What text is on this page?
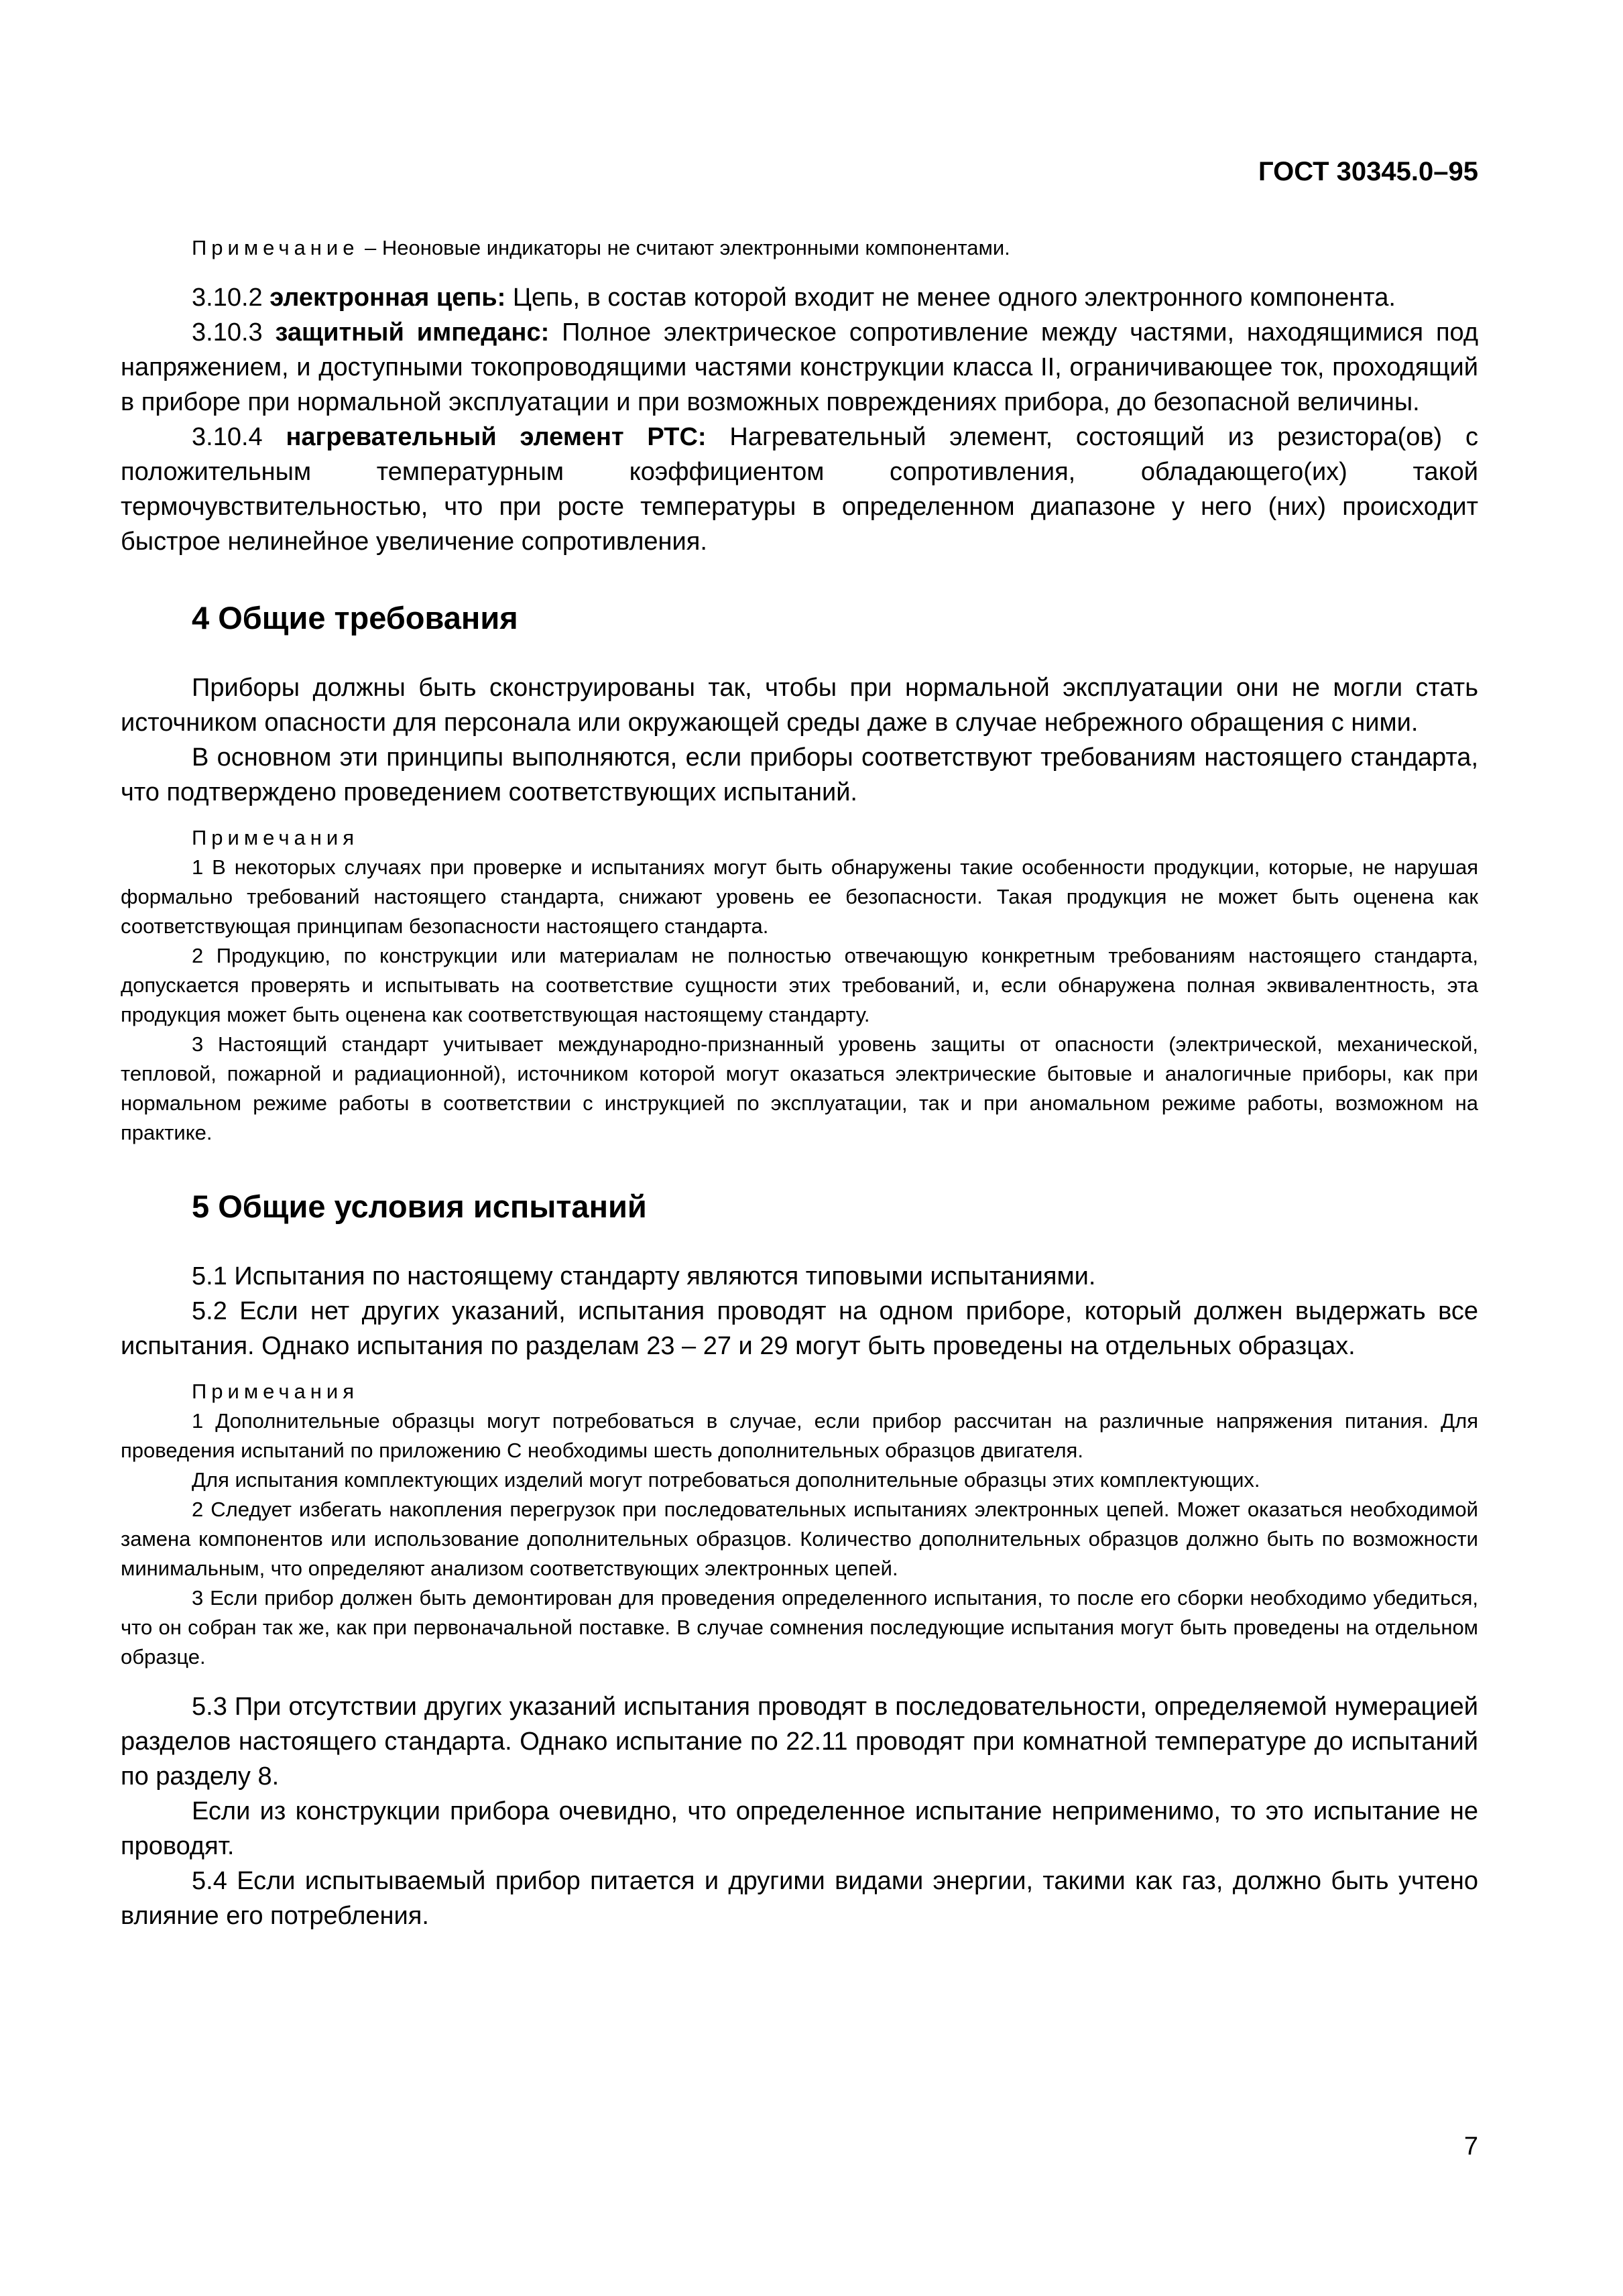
ГОСТ 30345.0–95

Примечание – Неоновые индикаторы не считают электронными компонентами.

3.10.2 электронная цепь: Цепь, в состав которой входит не менее одного электронного компонента.

3.10.3 защитный импеданс: Полное электрическое сопротивление между частями, находящимися под напряжением, и доступными токопроводящими частями конструкции класса II, ограничивающее ток, проходящий в приборе при нормальной эксплуатации и при возможных повреждениях прибора, до безопасной величины.

3.10.4 нагревательный элемент РТС: Нагревательный элемент, состоящий из резистора(ов) с положительным температурным коэффициентом сопротивления, обладающего(их) такой термочувствительностью, что при росте температуры в определенном диапазоне у него (них) происходит быстрое нелинейное увеличение сопротивления.

4 Общие требования

Приборы должны быть сконструированы так, чтобы при нормальной эксплуатации они не могли стать источником опасности для персонала или окружающей среды даже в случае небрежного обращения с ними.

В основном эти принципы выполняются, если приборы соответствуют требованиям настоящего стандарта, что подтверждено проведением соответствующих испытаний.

Примечания

1 В некоторых случаях при проверке и испытаниях могут быть обнаружены такие особенности продукции, которые, не нарушая формально требований настоящего стандарта, снижают уровень ее безопасности. Такая продукция не может быть оценена как соответствующая принципам безопасности настоящего стандарта.

2 Продукцию, по конструкции или материалам не полностью отвечающую конкретным требованиям настоящего стандарта, допускается проверять и испытывать на соответствие сущности этих требований, и, если обнаружена полная эквивалентность, эта продукция может быть оценена как соответствующая настоящему стандарту.

3 Настоящий стандарт учитывает международно-признанный уровень защиты от опасности (электрической, механической, тепловой, пожарной и радиационной), источником которой могут оказаться электрические бытовые и аналогичные приборы, как при нормальном режиме работы в соответствии с инструкцией по эксплуатации, так и при аномальном режиме работы, возможном на практике.

5 Общие условия испытаний

5.1 Испытания по настоящему стандарту являются типовыми испытаниями.

5.2 Если нет других указаний, испытания проводят на одном приборе, который должен выдержать все испытания. Однако испытания по разделам 23 – 27 и 29 могут быть проведены на отдельных образцах.

Примечания

1 Дополнительные образцы могут потребоваться в случае, если прибор рассчитан на различные напряжения питания. Для проведения испытаний по приложению С необходимы шесть дополнительных образцов двигателя.

Для испытания комплектующих изделий могут потребоваться дополнительные образцы этих комплектующих.

2 Следует избегать накопления перегрузок при последовательных испытаниях электронных цепей. Может оказаться необходимой замена компонентов или использование дополнительных образцов. Количество дополнительных образцов должно быть по возможности минимальным, что определяют анализом соответствующих электронных цепей.

3 Если прибор должен быть демонтирован для проведения определенного испытания, то после его сборки необходимо убедиться, что он собран так же, как при первоначальной поставке. В случае сомнения последующие испытания могут быть проведены на отдельном образце.

5.3 При отсутствии других указаний испытания проводят в последовательности, определяемой нумерацией разделов настоящего стандарта. Однако испытание по 22.11 проводят при комнатной температуре до испытаний по разделу 8.

Если из конструкции прибора очевидно, что определенное испытание неприменимо, то это испытание не проводят.

5.4 Если испытываемый прибор питается и другими видами энергии, такими как газ, должно быть учтено влияние его потребления.

7
